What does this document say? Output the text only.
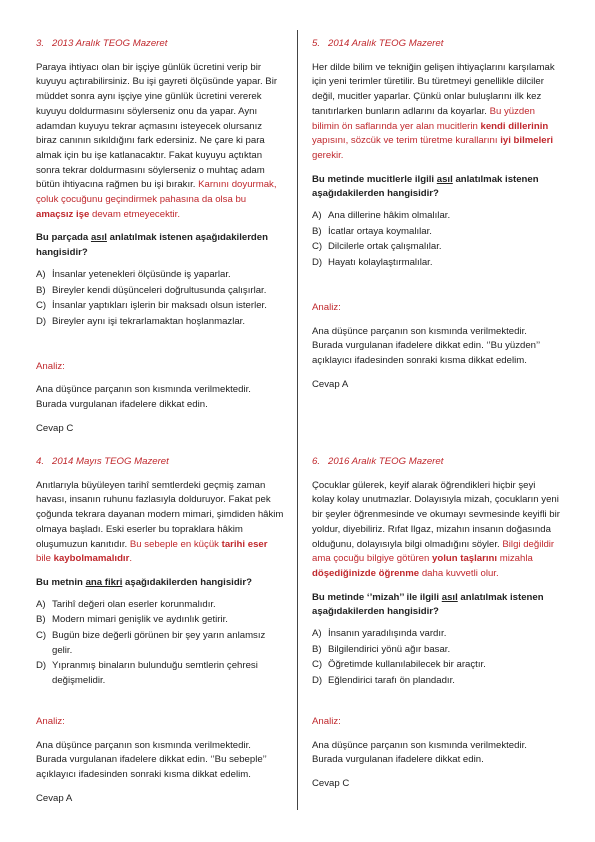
3. 2013 Aralık TEOG Mazeret
Paraya ihtiyacı olan bir işçiye günlük ücretini verip bir kuyuyu açtırabilirsiniz. Bu işi gayreti ölçüsünde yapar. Bir müddet sonra aynı işçiye yine günlük ücretini vererek kuyuyu doldurmasını söylerseniz onu da yapar. Aynı adamdan kuyuyu tekrar açmasını isteyecek olursanız biraz canının sıkıldığını fark edersiniz. Ne çare ki para almak için bu işe katlanacaktır. Fakat kuyuyu açtıktan sonra tekrar doldurmasını söylerseniz o muhtaç adam bütün ihtiyacına rağmen bu işi bırakır. Karnını doyurmak, çoluk çocuğunu geçindirmek pahasına da olsa bu amaçsız işe devam etmeyecektir.
Bu parçada asıl anlatılmak istenen aşağıdakilerden hangisidir?
A) İnsanlar yetenekleri ölçüsünde iş yaparlar.
B) Bireyler kendi düşünceleri doğrultusunda çalışırlar.
C) İnsanlar yaptıkları işlerin bir maksadı olsun isterler.
D) Bireyler aynı işi tekrarlamaktan hoşlanmazlar.
Analiz:
Ana düşünce parçanın son kısmında verilmektedir. Burada vurgulanan ifadelere dikkat edin.
Cevap C
5. 2014 Aralık TEOG Mazeret
Her dilde bilim ve tekniğin gelişen ihtiyaçlarını karşılamak için yeni terimler türetilir. Bu türetmeyi genellikle dilciler değil, mucitler yaparlar. Çünkü onlar buluşlarını ilk kez tanıtırlarken bunların adlarını da koyarlar. Bu yüzden bilimin ön saflarında yer alan mucitlerin kendi dillerinin yapısını, sözcük ve terim türetme kurallarını iyi bilmeleri gerekir.
Bu metinde mucitlerle ilgili asıl anlatılmak istenen aşağıdakilerden hangisidir?
A) Ana dillerine hâkim olmalılar.
B) İcatlar ortaya koymalılar.
C) Dilcilerle ortak çalışmalılar.
D) Hayatı kolaylaştırmalılar.
Analiz:
Ana düşünce parçanın son kısmında verilmektedir. Burada vurgulanan ifadelere dikkat edin. ‘’Bu yüzden’’ açıklayıcı ifadesinden sonraki kısma dikkat edelim.
Cevap A
4. 2014 Mayıs TEOG Mazeret
Anıtlarıyla büyüleyen tarihî semtlerdeki geçmiş zaman havası, insanın ruhunu fazlasıyla dolduruyor. Fakat pek çoğunda tekrara dayanan modern mimari, şimdiden hâkim olmaya başladı. Eski eserler bu topraklara hâkim oluşumuzun kanıtıdır. Bu sebeple en küçük tarihi eser bile kaybolmamalıdır.
Bu metnin ana fikri aşağıdakilerden hangisidir?
A) Tarihî değeri olan eserler korunmalıdır.
B) Modern mimari genişlik ve aydınlık getirir.
C) Bugün bize değerli görünen bir şey yarın anlamsız gelir.
D) Yıpranmış binaların bulunduğu semtlerin çehresi değişmelidir.
Analiz:
Ana düşünce parçanın son kısmında verilmektedir. Burada vurgulanan ifadelere dikkat edin. ‘’Bu sebeple’’ açıklayıcı ifadesinden sonraki kısma dikkat edelim.
Cevap A
6. 2016 Aralık TEOG Mazeret
Çocuklar gülerek, keyif alarak öğrendikleri hiçbir şeyi kolay kolay unutmazlar. Dolayısıyla mizah, çocukların yeni bir şeyler öğrenmesinde ve okumayı sevmesinde keyifli bir yoldur, diyebiliriz. Rıfat Ilgaz, mizahın insanın doğasında olduğunu, dolayısıyla bilgi olmadığını söyler. Bilgi değildir ama çocuğu bilgiye götüren yolun taşlarını mizahla döşediğinizde öğrenme daha kuvvetli olur.
Bu metinde ‘’mizah’’ ile ilgili asıl anlatılmak istenen aşağıdakilerden hangisidir?
A) İnsanın yaradılışında vardır.
B) Bilgilendirici yönü ağır basar.
C) Öğretimde kullanılabilecek bir araçtır.
D) Eğlendirici tarafı ön plandadır.
Analiz:
Ana düşünce parçanın son kısmında verilmektedir. Burada vurgulanan ifadelere dikkat edin.
Cevap C
